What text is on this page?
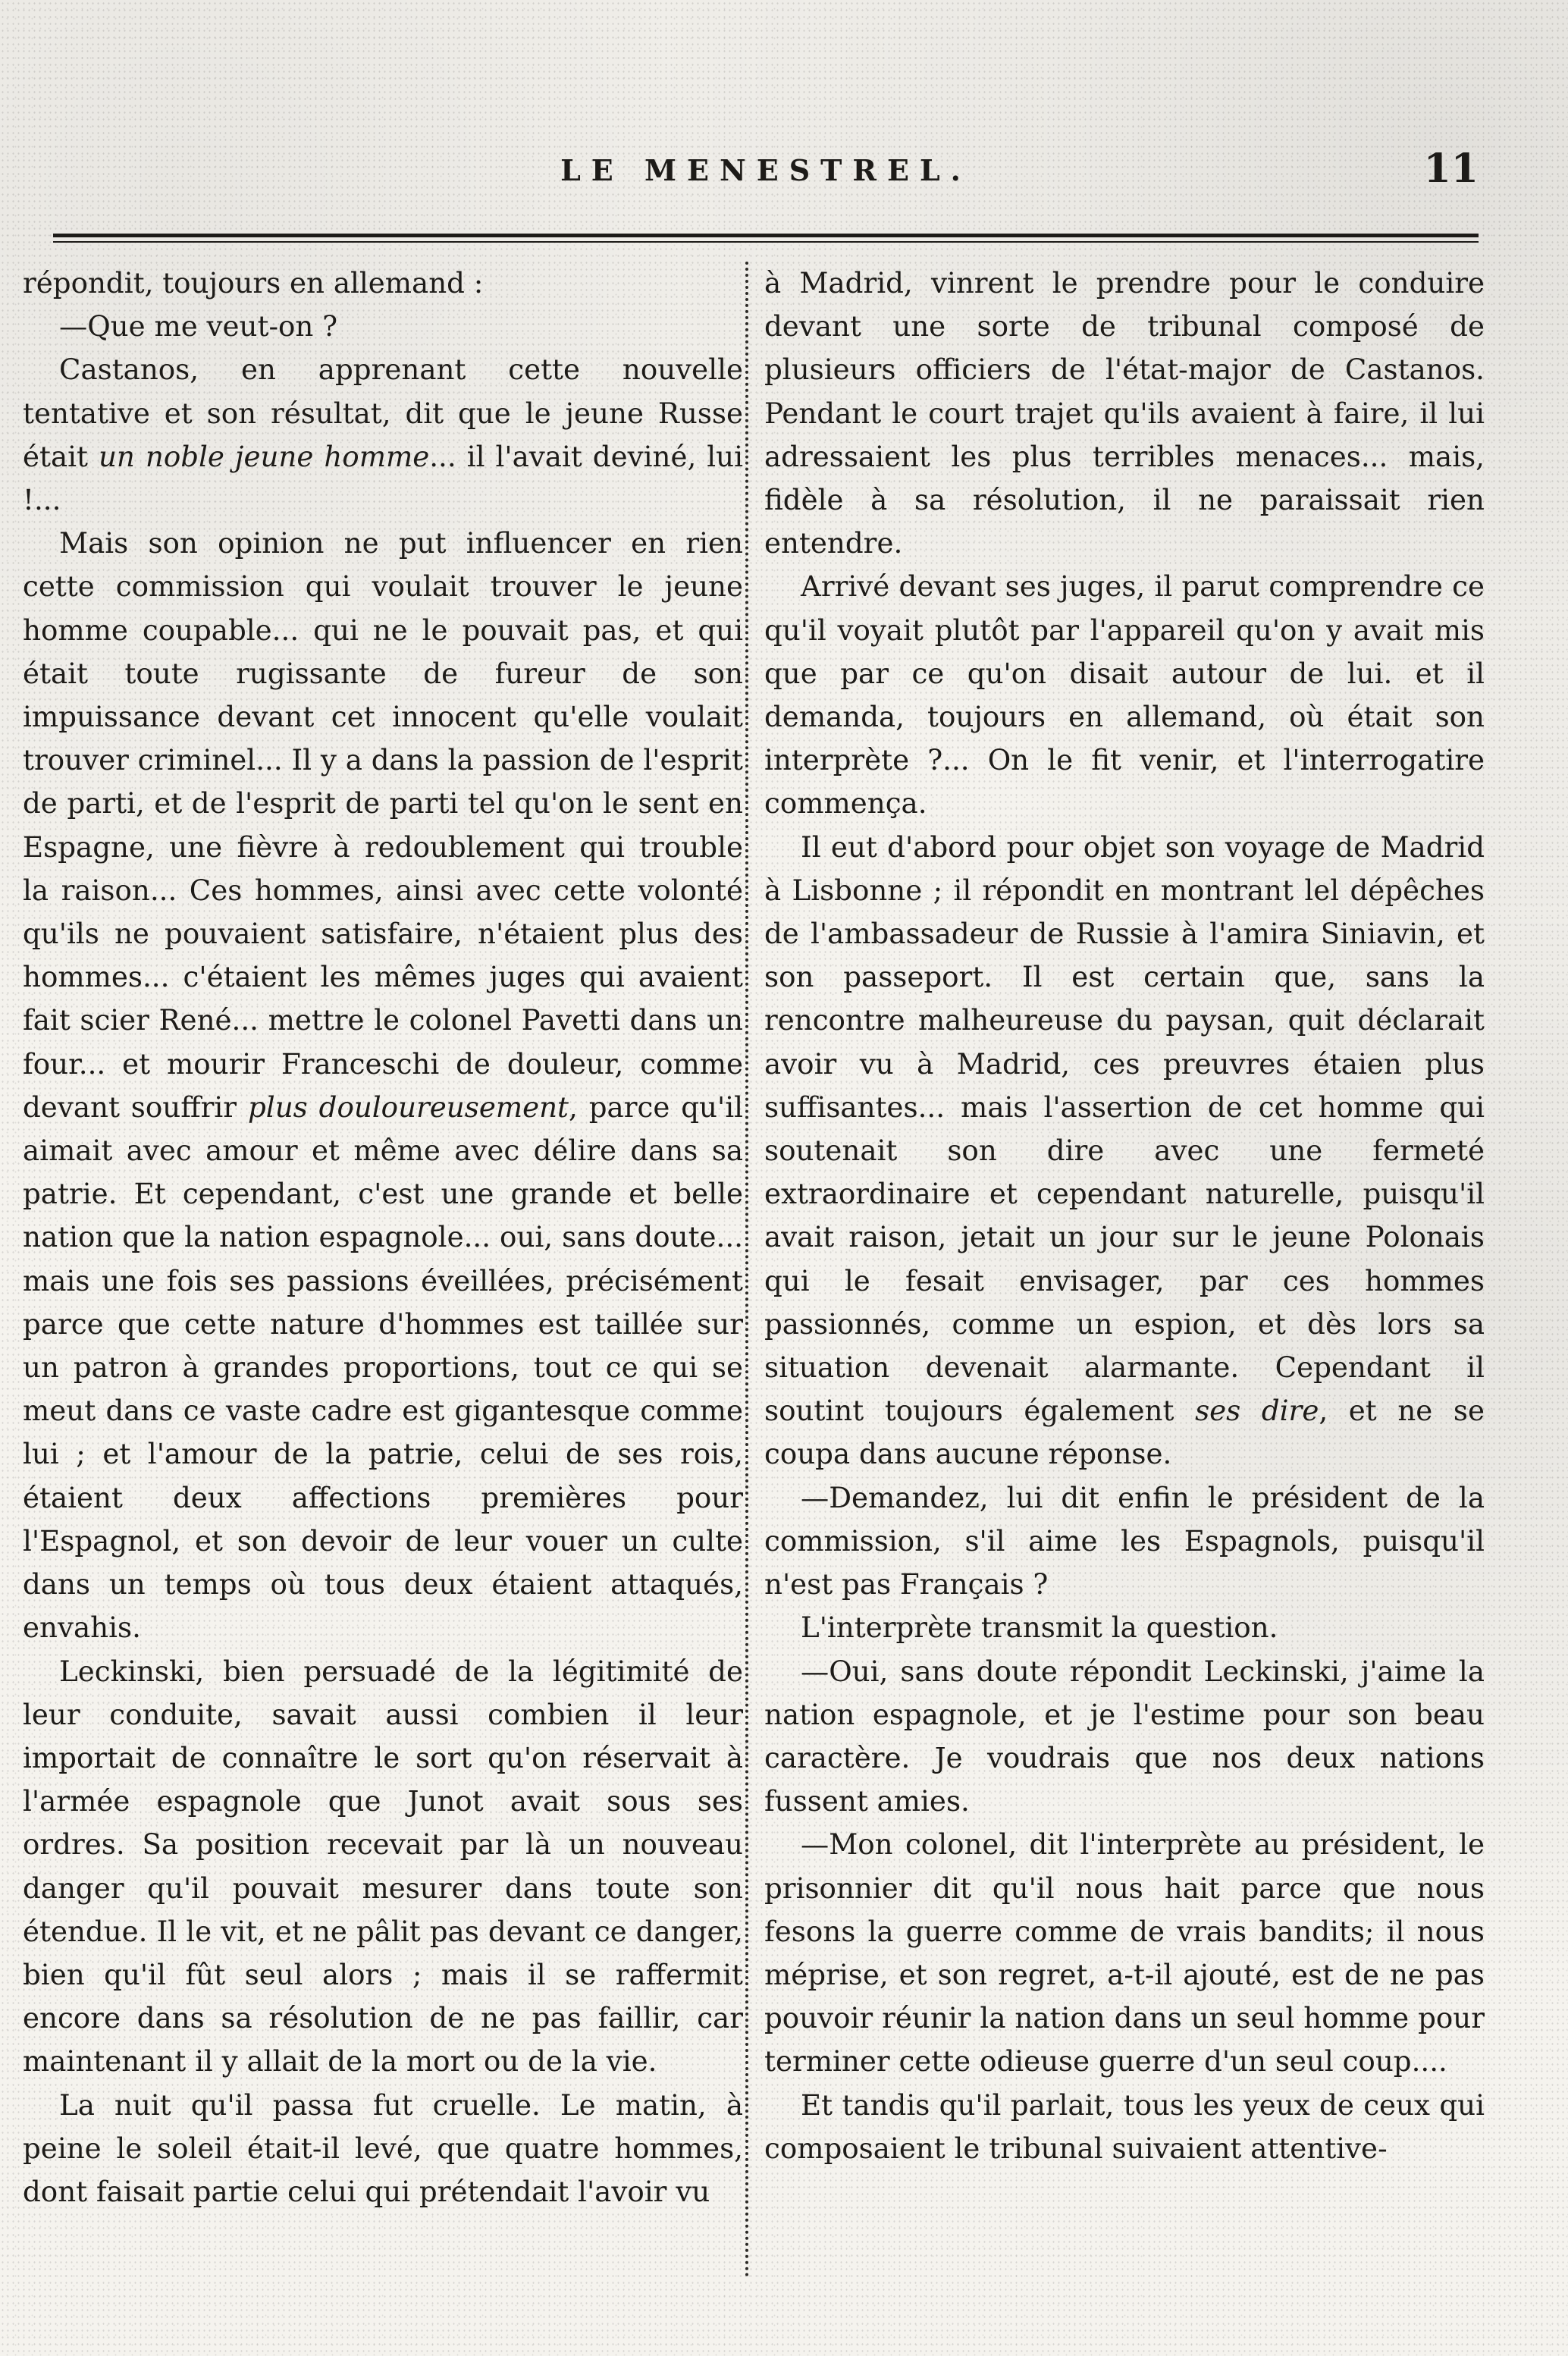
LE MENESTREL.	11

répondit, toujours en allemand :

—Que me veut-on ?

Castanos, en apprenant cette nouvelle tentative et son résultat, dit que le jeune Russe était un noble jeune homme... il l'avait deviné, lui !...

Mais son opinion ne put influencer en rien cette commission qui voulait trouver le jeune homme coupable... qui ne le pouvait pas, et qui était toute rugissante de fureur de son impuissance devant cet innocent qu'elle voulait trouver criminel... Il y a dans la passion de l'esprit de parti, et de l'esprit de parti tel qu'on le sent en Espagne, une fièvre à redoublement qui trouble la raison... Ces hommes, ainsi avec cette volonté qu'ils ne pouvaient satisfaire, n'étaient plus des hommes... c'étaient les mêmes juges qui avaient fait scier René... mettre le colonel Pavetti dans un four... et mourir Franceschi de douleur, comme devant souffrir plus douloureusement, parce qu'il aimait avec amour et même avec délire dans sa patrie. Et cependant, c'est une grande et belle nation que la nation espagnole... oui, sans doute... mais une fois ses passions éveillées, précisément parce que cette nature d'hommes est taillée sur un patron à grandes proportions, tout ce qui se meut dans ce vaste cadre est gigantesque comme lui ; et l'amour de la patrie, celui de ses rois, étaient deux affections premières pour l'Espagnol, et son devoir de leur vouer un culte dans un temps où tous deux étaient attaqués, envahis.

Leckinski, bien persuadé de la légitimité de leur conduite, savait aussi combien il leur importait de connaître le sort qu'on réservait à l'armée espagnole que Junot avait sous ses ordres. Sa position recevait par là un nouveau danger qu'il pouvait mesurer dans toute son étendue. Il le vit, et ne pâlit pas devant ce danger, bien qu'il fût seul alors ; mais il se raffermit encore dans sa résolution de ne pas faillir, car maintenant il y allait de la mort ou de la vie.

La nuit qu'il passa fut cruelle. Le matin, à peine le soleil était-il levé, que quatre hommes, dont faisait partie celui qui prétendait l'avoir vu

à Madrid, vinrent le prendre pour le conduire devant une sorte de tribunal composé de plusieurs officiers de l'état-major de Castanos. Pendant le court trajet qu'ils avaient à faire, il lui adressaient les plus terribles menaces... mais, fidèle à sa résolution, il ne paraissait rien entendre.

Arrivé devant ses juges, il parut comprendre ce qu'il voyait plutôt par l'appareil qu'on y avait mis que par ce qu'on disait autour de lui. et il demanda, toujours en allemand, où était son interprète ?... On le fit venir, et l'interrogatire commença.

Il eut d'abord pour objet son voyage de Madrid à Lisbonne ; il répondit en montrant lel dépêches de l'ambassadeur de Russie à l'amira Siniavin, et son passeport. Il est certain que, sans la rencontre malheureuse du paysan, quit déclarait avoir vu à Madrid, ces preuvres étaien plus suffisantes... mais l'assertion de cet homme qui soutenait son dire avec une fermeté extraordinaire et cependant naturelle, puisqu'il avait raison, jetait un jour sur le jeune Polonais qui le fesait envisager, par ces hommes passionnés, comme un espion, et dès lors sa situation devenait alarmante. Cependant il soutint toujours également ses dire, et ne se coupa dans aucune réponse.

—Demandez, lui dit enfin le président de la commission, s'il aime les Espagnols, puisqu'il n'est pas Français ?

L'interprète transmit la question.

—Oui, sans doute répondit Leckinski, j'aime la nation espagnole, et je l'estime pour son beau caractère. Je voudrais que nos deux nations fussent amies.

—Mon colonel, dit l'interprète au président, le prisonnier dit qu'il nous hait parce que nous fesons la guerre comme de vrais bandits; il nous méprise, et son regret, a-t-il ajouté, est de ne pas pouvoir réunir la nation dans un seul homme pour terminer cette odieuse guerre d'un seul coup....

Et tandis qu'il parlait, tous les yeux de ceux qui composaient le tribunal suivaient attentive-
